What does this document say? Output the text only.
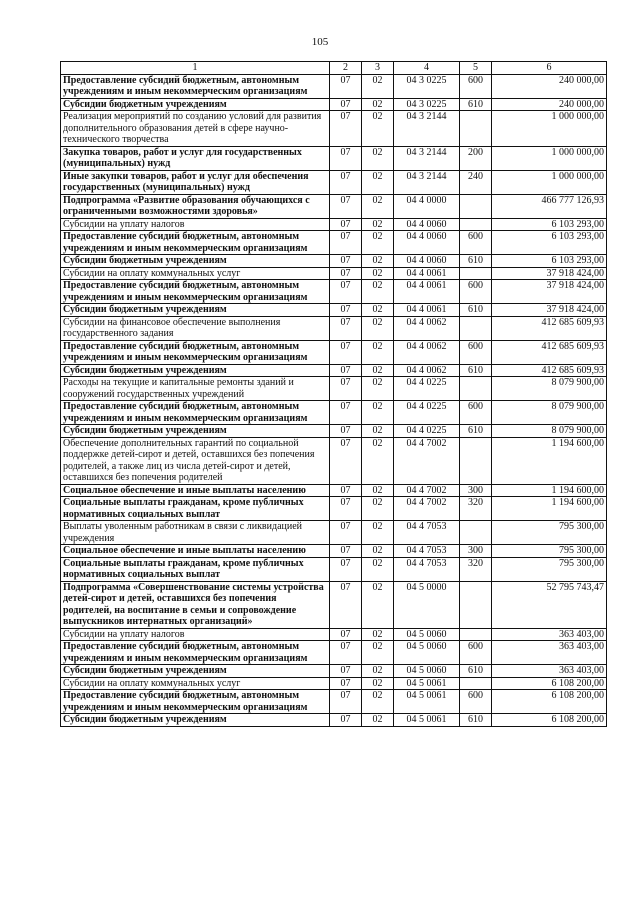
105
1	2	3	4	5	6
Предоставление субсидий бюджетным, автономным учреждениям и иным некоммерческим организациям	07	02	04 3 0225	600	240 000,00
Субсидии бюджетным учреждениям	07	02	04 3 0225	610	240 000,00
Реализация мероприятий по созданию условий для развития дополнительного образования детей в сфере научно-технического творчества	07	02	04 3 2144		1 000 000,00
Закупка товаров, работ и услуг для государственных (муниципальных) нужд	07	02	04 3 2144	200	1 000 000,00
Иные закупки товаров, работ и услуг для обеспечения государственных (муниципальных) нужд	07	02	04 3 2144	240	1 000 000,00
Подпрограмма «Развитие образования обучающихся с ограниченными возможностями здоровья»	07	02	04 4 0000		466 777 126,93
Субсидии на уплату налогов	07	02	04 4 0060		6 103 293,00
Предоставление субсидий бюджетным, автономным учреждениям и иным некоммерческим организациям	07	02	04 4 0060	600	6 103 293,00
Субсидии бюджетным учреждениям	07	02	04 4 0060	610	6 103 293,00
Субсидии на оплату коммунальных услуг	07	02	04 4 0061		37 918 424,00
Предоставление субсидий бюджетным, автономным учреждениям и иным некоммерческим организациям	07	02	04 4 0061	600	37 918 424,00
Субсидии бюджетным учреждениям	07	02	04 4 0061	610	37 918 424,00
Субсидии на финансовое обеспечение выполнения государственного задания	07	02	04 4 0062		412 685 609,93
Предоставление субсидий бюджетным, автономным учреждениям и иным некоммерческим организациям	07	02	04 4 0062	600	412 685 609,93
Субсидии бюджетным учреждениям	07	02	04 4 0062	610	412 685 609,93
Расходы на текущие и капитальные ремонты зданий и сооружений государственных учреждений	07	02	04 4 0225		8 079 900,00
Предоставление субсидий бюджетным, автономным учреждениям и иным некоммерческим организациям	07	02	04 4 0225	600	8 079 900,00
Субсидии бюджетным учреждениям	07	02	04 4 0225	610	8 079 900,00
Обеспечение дополнительных гарантий по социальной поддержке детей-сирот и детей, оставшихся без попечения родителей, а также лиц из числа детей-сирот и детей, оставшихся без попечения родителей	07	02	04 4 7002		1 194 600,00
Социальное обеспечение и иные выплаты населению	07	02	04 4 7002	300	1 194 600,00
Социальные выплаты гражданам, кроме публичных нормативных социальных выплат	07	02	04 4 7002	320	1 194 600,00
Выплаты уволенным работникам в связи с ликвидацией учреждения	07	02	04 4 7053		795 300,00
Социальное обеспечение и иные выплаты населению	07	02	04 4 7053	300	795 300,00
Социальные выплаты гражданам, кроме публичных нормативных социальных выплат	07	02	04 4 7053	320	795 300,00
Подпрограмма «Совершенствование системы устройства детей-сирот и детей, оставшихся без попечения родителей, на воспитание в семьи и сопровождение выпускников интернатных организаций»	07	02	04 5 0000		52 795 743,47
Субсидии на уплату налогов	07	02	04 5 0060		363 403,00
Предоставление субсидий бюджетным, автономным учреждениям и иным некоммерческим организациям	07	02	04 5 0060	600	363 403,00
Субсидии бюджетным учреждениям	07	02	04 5 0060	610	363 403,00
Субсидии на оплату коммунальных услуг	07	02	04 5 0061		6 108 200,00
Предоставление субсидий бюджетным, автономным учреждениям и иным некоммерческим организациям	07	02	04 5 0061	600	6 108 200,00
Субсидии бюджетным учреждениям	07	02	04 5 0061	610	6 108 200,00
